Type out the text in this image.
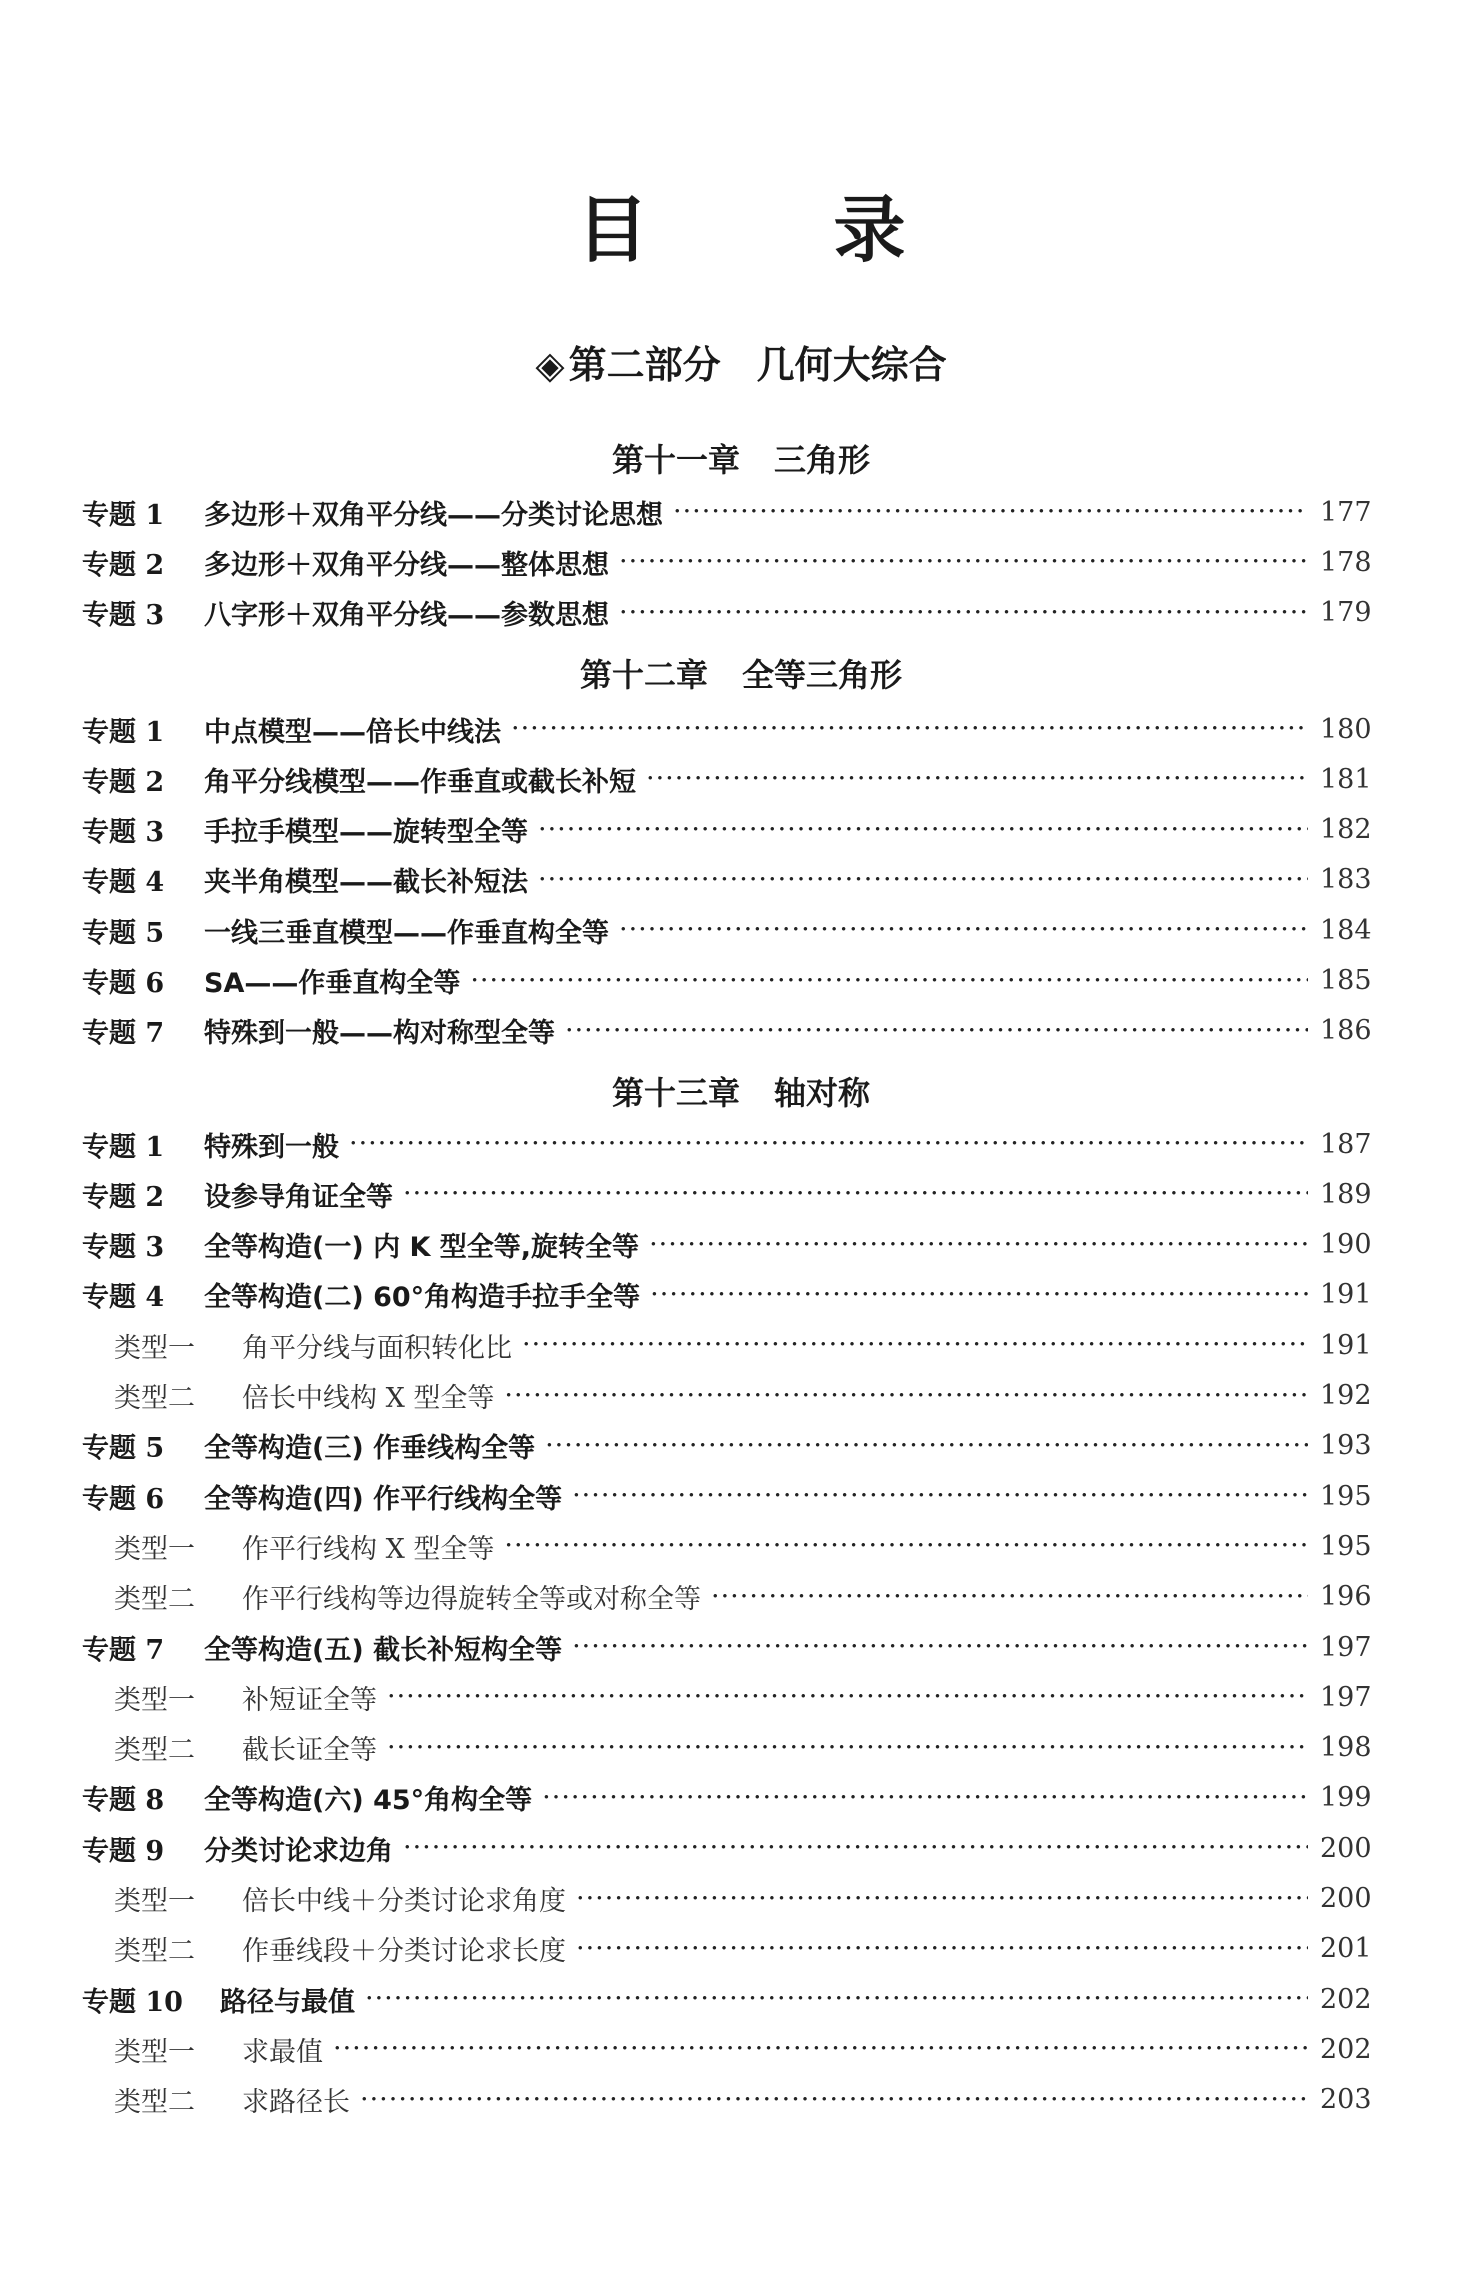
目 录
◈ 第二部分 几何大综合
第十一章 三角形
专题 1	多边形＋双角平分线——分类讨论思想 ·····	177
专题 2	多边形＋双角平分线——整体思想 ·····	178
专题 3	八字形＋双角平分线——参数思想 ·····	179
第十二章 全等三角形
专题 1	中点模型——倍长中线法 ·····	180
专题 2	角平分线模型——作垂直或截长补短 ·····	181
专题 3	手拉手模型——旋转型全等 ·····	182
专题 4	夹半角模型——截长补短法 ·····	183
专题 5	一线三垂直模型——作垂直构全等 ·····	184
专题 6	SA——作垂直构全等 ·····	185
专题 7	特殊到一般——构对称型全等 ·····	186
第十三章 轴对称
专题 1	特殊到一般 ·····	187
专题 2	设参导角证全等 ·····	189
专题 3	全等构造(一) 内 K 型全等,旋转全等 ·····	190
专题 4	全等构造(二) 60°角构造手拉手全等 ·····	191
类型一	角平分线与面积转化比 ·····	191
类型二	倍长中线构 X 型全等 ·····	192
专题 5	全等构造(三) 作垂线构全等 ·····	193
专题 6	全等构造(四) 作平行线构全等 ·····	195
类型一	作平行线构 X 型全等 ·····	195
类型二	作平行线构等边得旋转全等或对称全等 ·····	196
专题 7	全等构造(五) 截长补短构全等 ·····	197
类型一	补短证全等 ·····	197
类型二	截长证全等 ·····	198
专题 8	全等构造(六) 45°角构全等 ·····	199
专题 9	分类讨论求边角 ·····	200
类型一	倍长中线＋分类讨论求角度 ·····	200
类型二	作垂线段＋分类讨论求长度 ·····	201
专题 10	路径与最值 ·····	202
类型一	求最值 ·····	202
类型二	求路径长 ·····	203
